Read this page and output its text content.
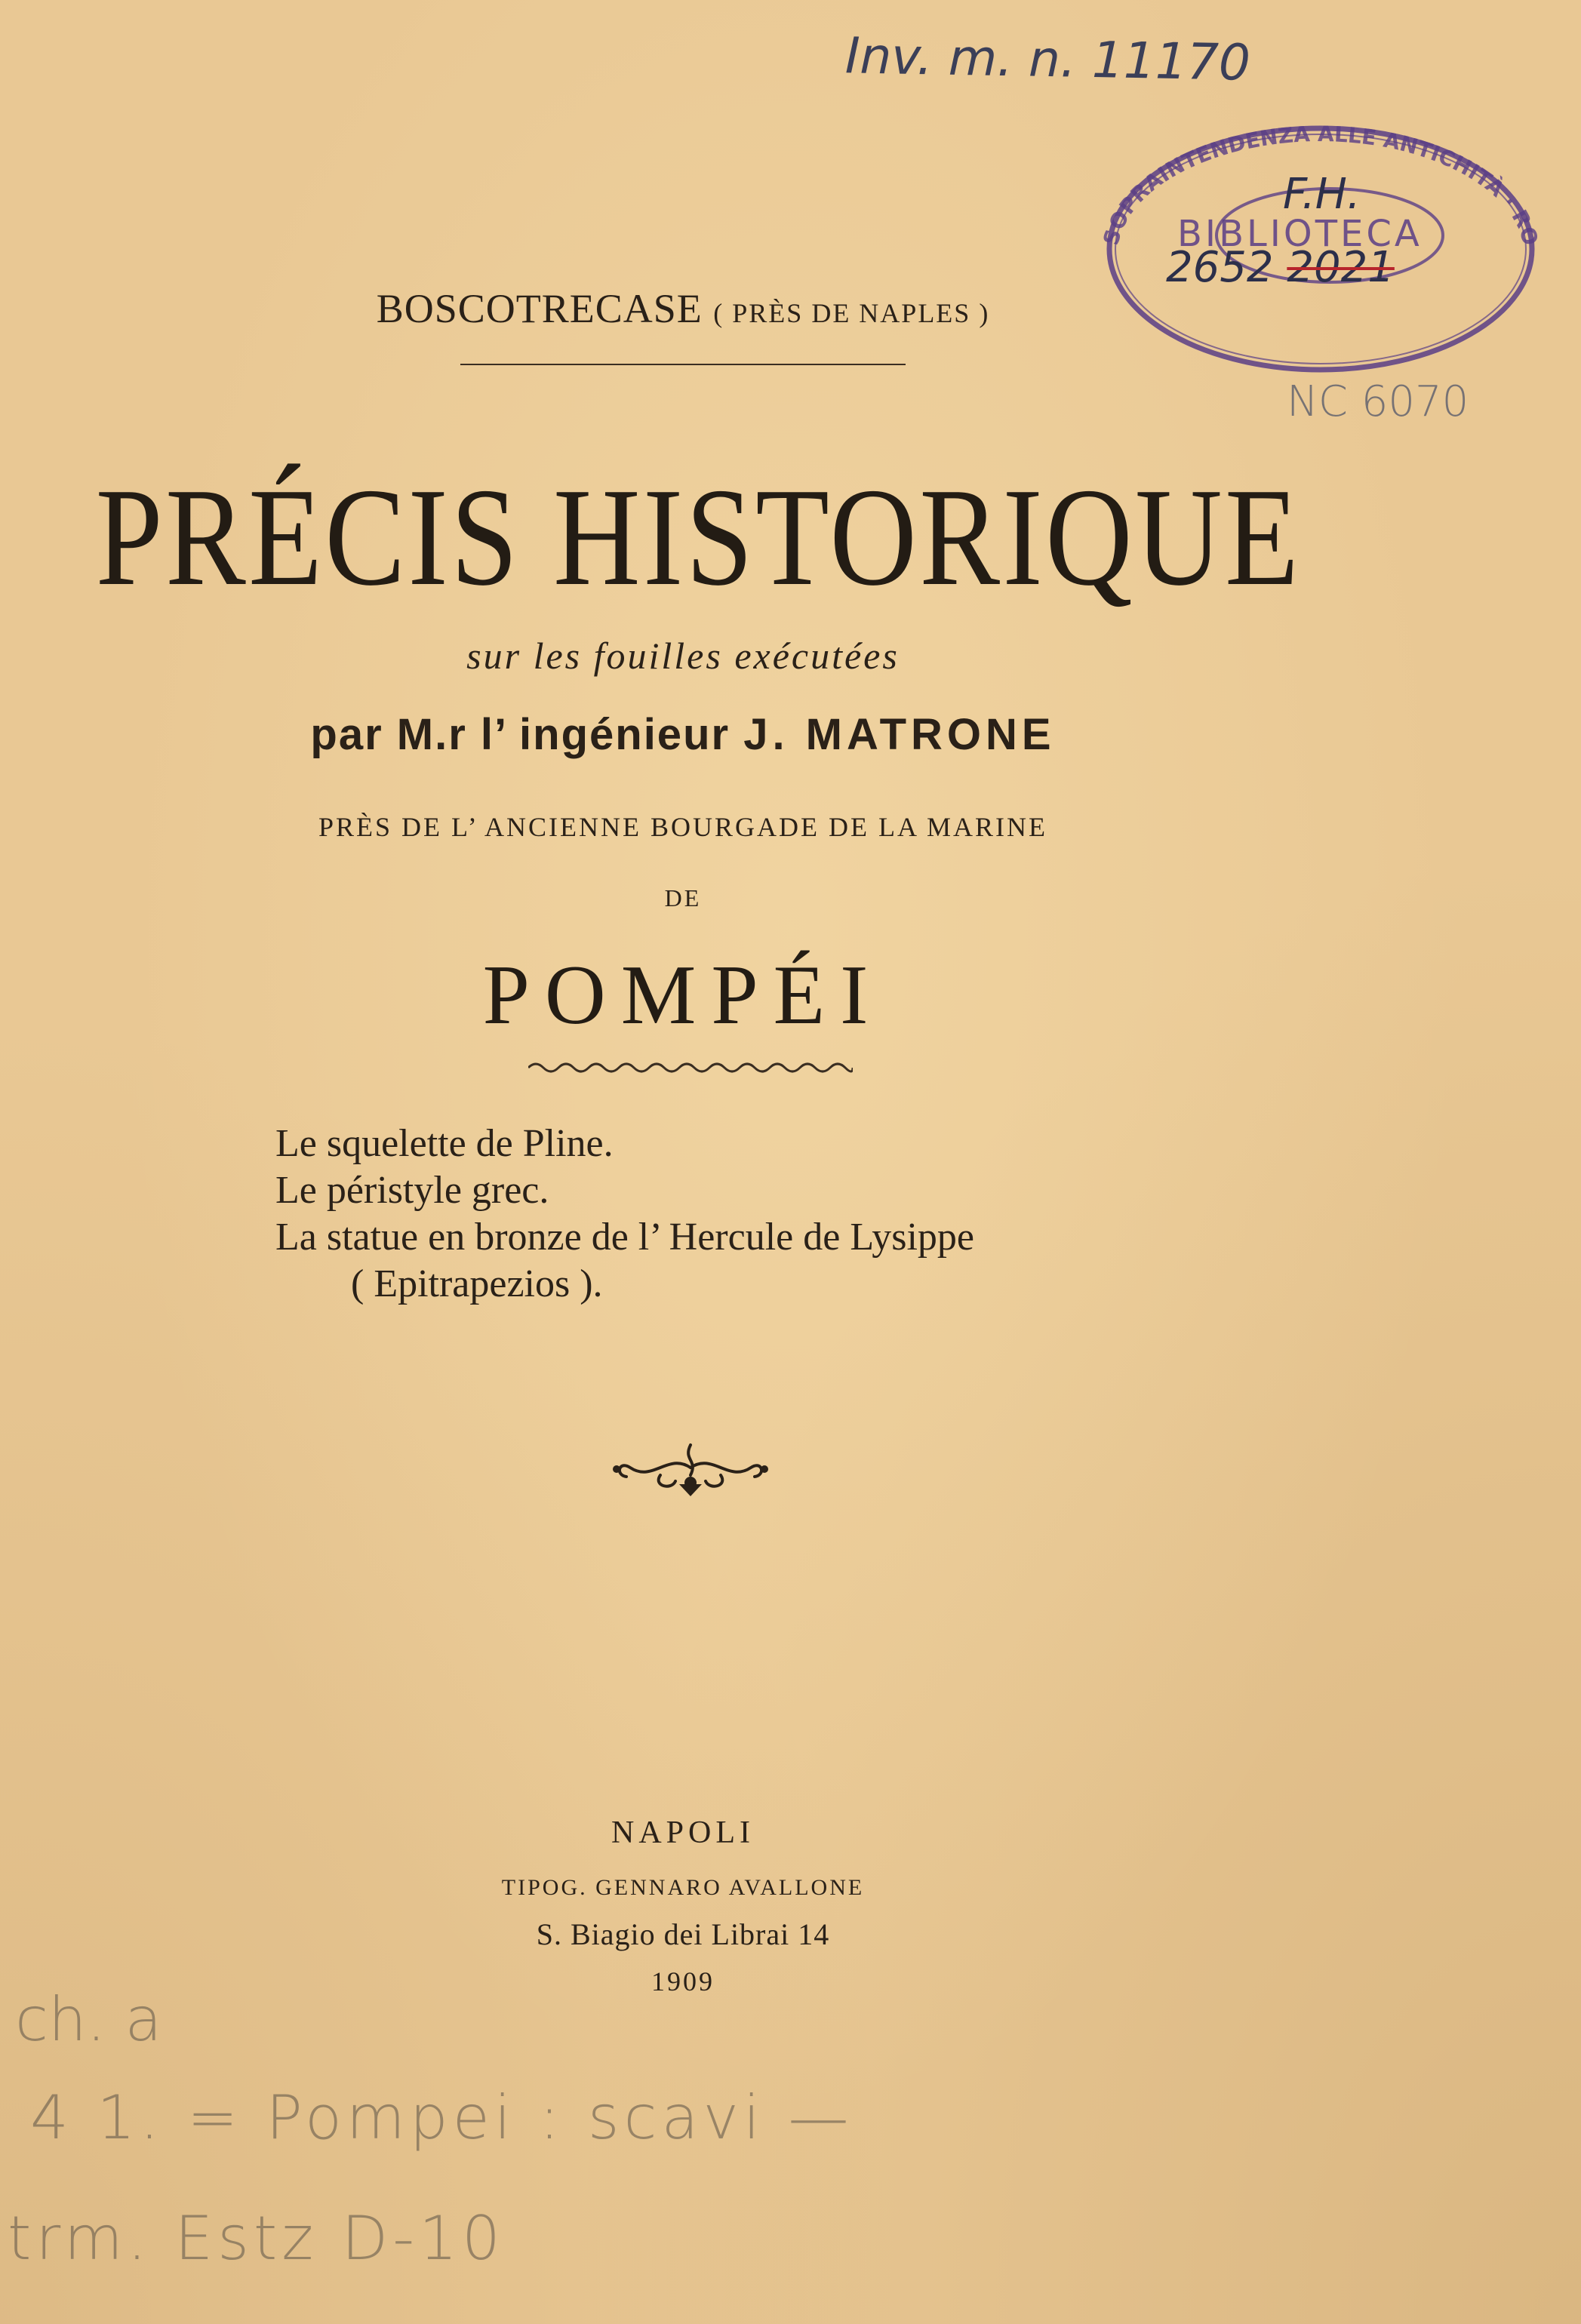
Inv. m. n. 11170
SOPRAINTENDENZA ALLE ANTICHITÀ · RO
BIBLIOTECA
F.H.
2652 2021
NC 6070
BOSCOTRECASE ( PRÈS DE NAPLES )
PRÉCIS HISTORIQUE
sur les fouilles exécutées
par M.r l’ ingénieur J. MATRONE
PRÈS DE L’ ANCIENNE BOURGADE DE LA MARINE
DE
POMPÉI
Le squelette de Pline.
Le péristyle grec.
La statue en bronze de l’ Hercule de Lysippe
( Epitrapezios ).
NAPOLI
TIPOG. GENNARO AVALLONE
S. Biagio dei Librai 14
1909
ch. a
4 1. = Pompei : scavi —
trm. Estz D-10
